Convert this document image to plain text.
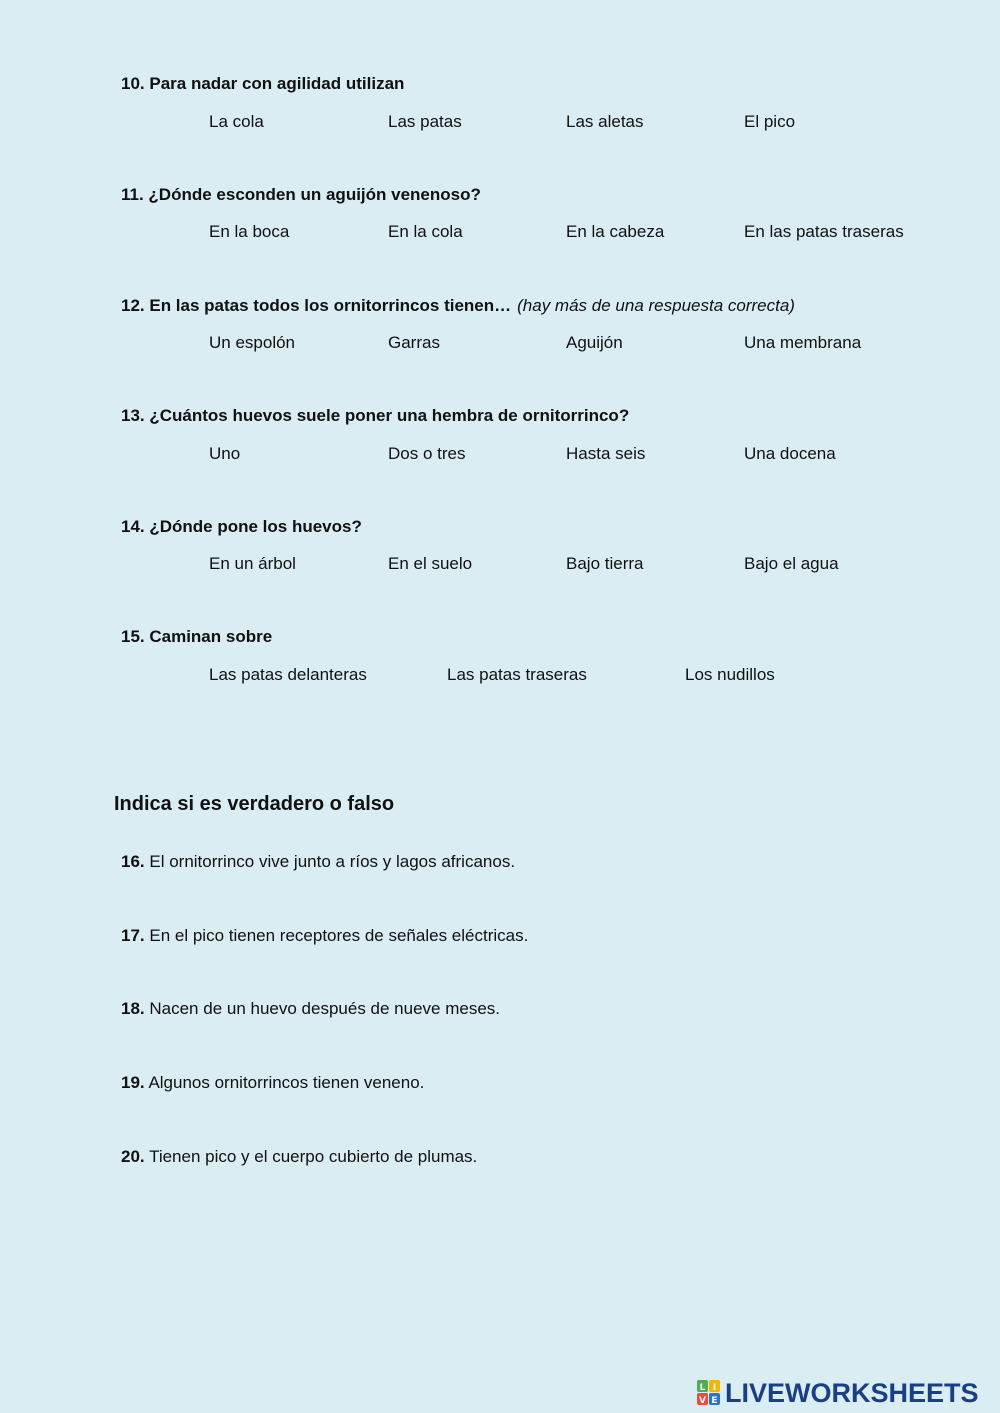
10. Para nadar con agilidad utilizan
La cola	Las patas	Las aletas	El pico
11. ¿Dónde esconden un aguijón venenoso?
En la boca	En la cola	En la cabeza	En las patas traseras
12. En las patas todos los ornitorrincos tienen… (hay más de una respuesta correcta)
Un espolón	Garras	Aguijón	Una membrana
13. ¿Cuántos huevos suele poner una hembra de ornitorrinco?
Uno	Dos o tres	Hasta seis	Una docena
14. ¿Dónde pone los huevos?
En un árbol	En el suelo	Bajo tierra	Bajo el agua
15. Caminan sobre
Las patas delanteras	Las patas traseras	Los nudillos
Indica si es verdadero o falso
16. El ornitorrinco vive junto a ríos y lagos africanos.
17. En el pico tienen receptores de señales eléctricas.
18. Nacen de un huevo después de nueve meses.
19. Algunos ornitorrincos tienen veneno.
20. Tienen pico y el cuerpo cubierto de plumas.
L I
V E LIVEWORKSHEETS
